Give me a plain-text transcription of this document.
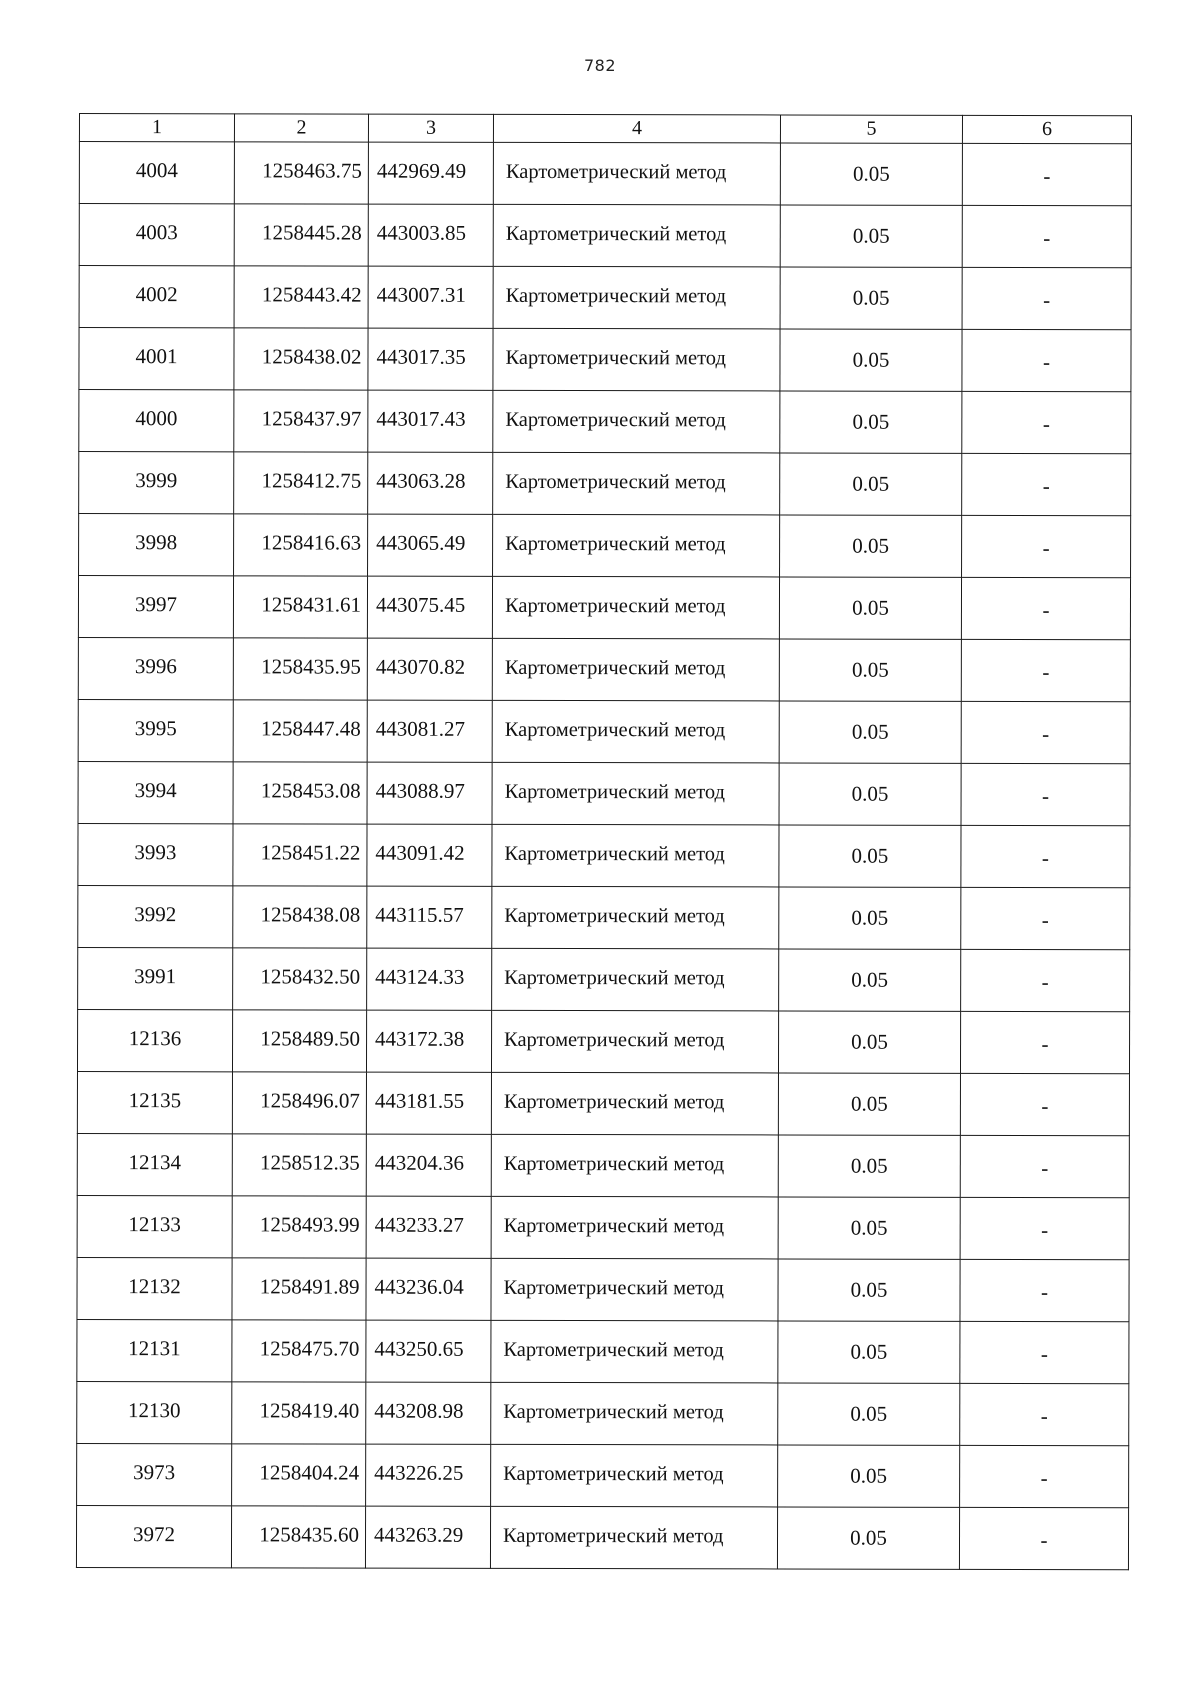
782
1	2	3	4	5	6
4004	1258463.75	442969.49	Картометрический метод	0.05	-
4003	1258445.28	443003.85	Картометрический метод	0.05	-
4002	1258443.42	443007.31	Картометрический метод	0.05	-
4001	1258438.02	443017.35	Картометрический метод	0.05	-
4000	1258437.97	443017.43	Картометрический метод	0.05	-
3999	1258412.75	443063.28	Картометрический метод	0.05	-
3998	1258416.63	443065.49	Картометрический метод	0.05	-
3997	1258431.61	443075.45	Картометрический метод	0.05	-
3996	1258435.95	443070.82	Картометрический метод	0.05	-
3995	1258447.48	443081.27	Картометрический метод	0.05	-
3994	1258453.08	443088.97	Картометрический метод	0.05	-
3993	1258451.22	443091.42	Картометрический метод	0.05	-
3992	1258438.08	443115.57	Картометрический метод	0.05	-
3991	1258432.50	443124.33	Картометрический метод	0.05	-
12136	1258489.50	443172.38	Картометрический метод	0.05	-
12135	1258496.07	443181.55	Картометрический метод	0.05	-
12134	1258512.35	443204.36	Картометрический метод	0.05	-
12133	1258493.99	443233.27	Картометрический метод	0.05	-
12132	1258491.89	443236.04	Картометрический метод	0.05	-
12131	1258475.70	443250.65	Картометрический метод	0.05	-
12130	1258419.40	443208.98	Картометрический метод	0.05	-
3973	1258404.24	443226.25	Картометрический метод	0.05	-
3972	1258435.60	443263.29	Картометрический метод	0.05	-
